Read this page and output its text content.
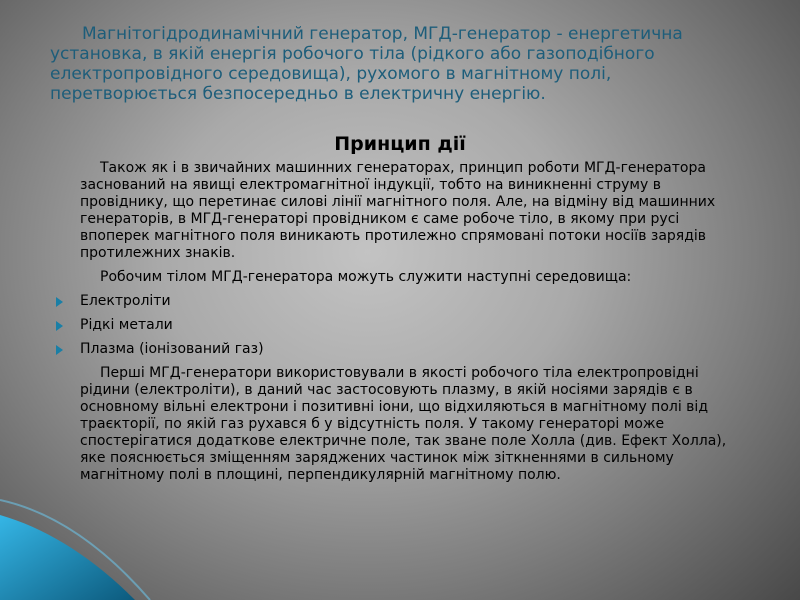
Магнітогідродинамічний генератор, МГД-генератор - енергетична установка, в якій енергія робочого тіла (рідкого або газоподібного електропровідного середовища), рухомого в магнітному полі, перетворюється безпосередньо в електричну енергію.
Принцип дії

Також як і в звичайних машинних генераторах, принцип роботи МГД-генератора заснований на явищі електромагнітної індукції, тобто на виникненні струму в провіднику, що перетинає силові лінії магнітного поля. Але, на відміну від машинних генераторів, в МГД-генераторі провідником є саме робоче тіло, в якому при русі впоперек магнітного поля виникають протилежно спрямовані потоки носіїв зарядів протилежних знаків.

Робочим тілом МГД-генератора можуть служити наступні середовища:

Електроліти
Рідкі метали
Плазма (іонізований газ)

Перші МГД-генератори використовували в якості робочого тіла електропровідні рідини (електроліти), в даний час застосовують плазму, в якій носіями зарядів є в основному вільні електрони і позитивні іони, що відхиляються в магнітному полі від траєкторії, по якій газ рухався б у відсутність поля. У такому генераторі може спостерігатися додаткове електричне поле, так зване поле Холла (див. Ефект Холла), яке пояснюється зміщенням заряджених частинок між зіткненнями в сильному магнітному полі в площині, перпендикулярній магнітному полю.
